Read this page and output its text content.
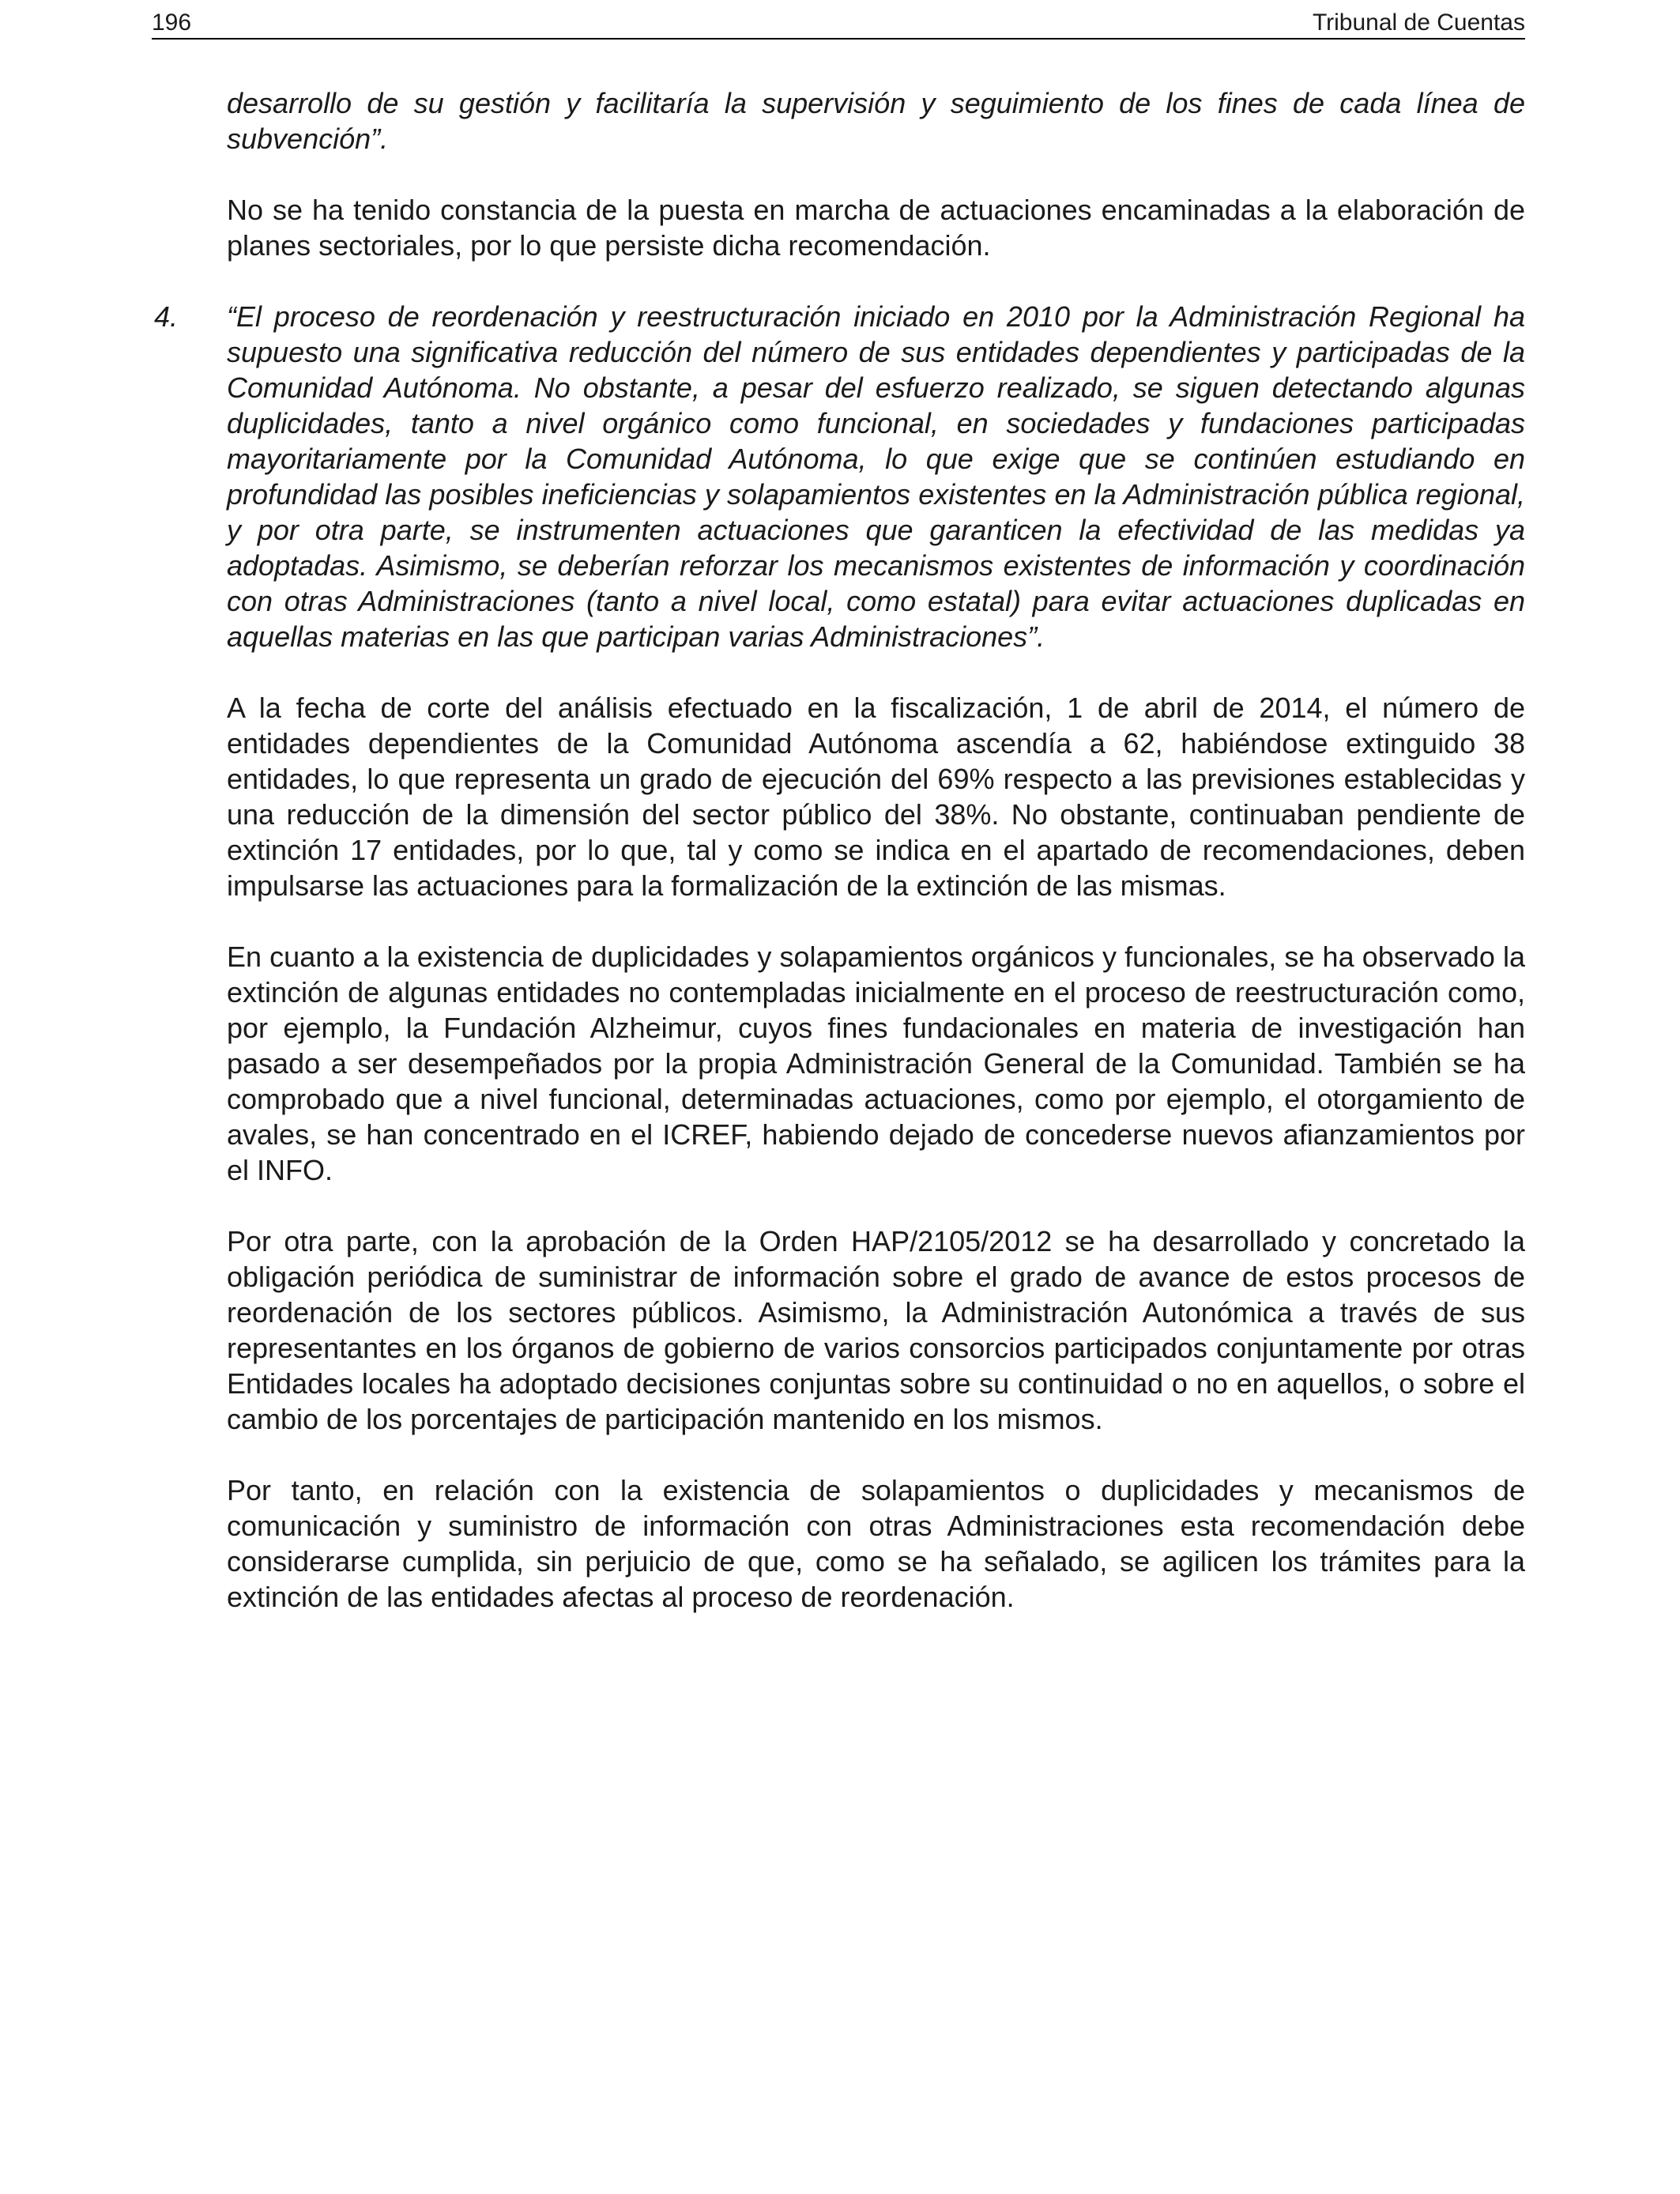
196	Tribunal de Cuentas

desarrollo de su gestión y facilitaría la supervisión y seguimiento de los fines de cada línea de subvención”.

No se ha tenido constancia de la puesta en marcha de actuaciones encaminadas a la elaboración de planes sectoriales, por lo que persiste dicha recomendación.

4. “El proceso de reordenación y reestructuración iniciado en 2010 por la Administración Regional ha supuesto una significativa reducción del número de sus entidades dependientes y participadas de la Comunidad Autónoma. No obstante, a pesar del esfuerzo realizado, se siguen detectando algunas duplicidades, tanto a nivel orgánico como funcional, en sociedades y fundaciones participadas mayoritariamente por la Comunidad Autónoma, lo que exige que se continúen estudiando en profundidad las posibles ineficiencias y solapamientos existentes en la Administración pública regional, y por otra parte, se instrumenten actuaciones que garanticen la efectividad de las medidas ya adoptadas. Asimismo, se deberían reforzar los mecanismos existentes de información y coordinación con otras Administraciones (tanto a nivel local, como estatal) para evitar actuaciones duplicadas en aquellas materias en las que participan varias Administraciones”.

A la fecha de corte del análisis efectuado en la fiscalización, 1 de abril de 2014, el número de entidades dependientes de la Comunidad Autónoma ascendía a 62, habiéndose extinguido 38 entidades, lo que representa un grado de ejecución del 69% respecto a las previsiones establecidas y una reducción de la dimensión del sector público del 38%. No obstante, continuaban pendiente de extinción 17 entidades, por lo que, tal y como se indica en el apartado de recomendaciones, deben impulsarse las actuaciones para la formalización de la extinción de las mismas.

En cuanto a la existencia de duplicidades y solapamientos orgánicos y funcionales, se ha observado la extinción de algunas entidades no contempladas inicialmente en el proceso de reestructuración como, por ejemplo, la Fundación Alzheimur, cuyos fines fundacionales en materia de investigación han pasado a ser desempeñados por la propia Administración General de la Comunidad. También se ha comprobado que a nivel funcional, determinadas actuaciones, como por ejemplo, el otorgamiento de avales, se han concentrado en el ICREF, habiendo dejado de concederse nuevos afianzamientos por el INFO.

Por otra parte, con la aprobación de la Orden HAP/2105/2012 se ha desarrollado y concretado la obligación periódica de suministrar de información sobre el grado de avance de estos procesos de reordenación de los sectores públicos. Asimismo, la Administración Autonómica a través de sus representantes en los órganos de gobierno de varios consorcios participados conjuntamente por otras Entidades locales ha adoptado decisiones conjuntas sobre su continuidad o no en aquellos, o sobre el cambio de los porcentajes de participación mantenido en los mismos.

Por tanto, en relación con la existencia de solapamientos o duplicidades y mecanismos de comunicación y suministro de información con otras Administraciones esta recomendación debe considerarse cumplida, sin perjuicio de que, como se ha señalado, se agilicen los trámites para la extinción de las entidades afectas al proceso de reordenación.
